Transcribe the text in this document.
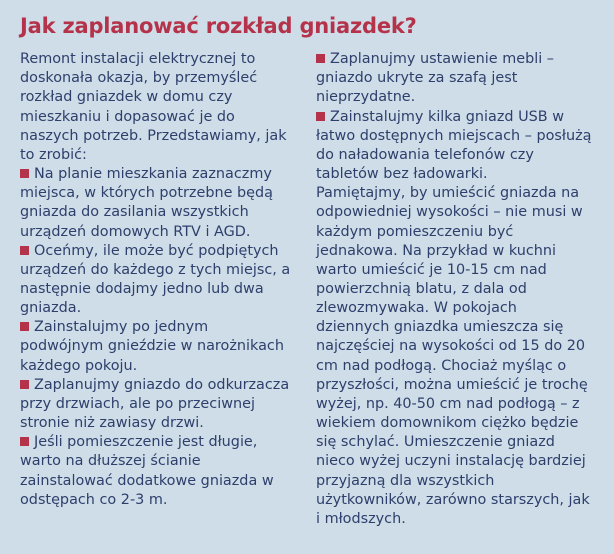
Jak zaplanować rozkład gniazdek?

Remont instalacji elektrycznej to doskonała okazja, by przemyśleć rozkład gniazdek w domu czy mieszkaniu i dopasować je do naszych potrzeb. Przedstawiamy, jak to zrobić:

Na planie mieszkania zaznaczmy miejsca, w których potrzebne będą gniazda do zasilania wszystkich urządzeń domowych RTV i AGD.

Oceńmy, ile może być podpiętych urządzeń do każdego z tych miejsc, a następnie dodajmy jedno lub dwa gniazda.

Zainstalujmy po jednym podwójnym gnieździe w narożnikach każdego pokoju.

Zaplanujmy gniazdo do odkurzacza przy drzwiach, ale po przeciwnej stronie niż zawiasy drzwi.

Jeśli pomieszczenie jest długie, warto na dłuższej ścianie zainstalować dodatkowe gniazda w odstępach co 2-3 m.

Zaplanujmy ustawienie mebli – gniazdo ukryte za szafą jest nieprzydatne.

Zainstalujmy kilka gniazd USB w łatwo dostępnych miejscach – posłużą do naładowania telefonów czy tabletów bez ładowarki.

Pamiętajmy, by umieścić gniazda na odpowiedniej wysokości – nie musi w każdym pomieszczeniu być jednakowa. Na przykład w kuchni warto umieścić je 10-15 cm nad powierzchnią blatu, z dala od zlewozmywaka. W pokojach dziennych gniazdka umieszcza się najczęściej na wysokości od 15 do 20 cm nad podłogą. Chociaż myśląc o przyszłości, można umieścić je trochę wyżej, np. 40-50 cm nad podłogą – z wiekiem domownikom ciężko będzie się schylać. Umieszczenie gniazd nieco wyżej uczyni instalację bardziej przyjazną dla wszystkich użytkowników, zarówno starszych, jak i młodszych.
